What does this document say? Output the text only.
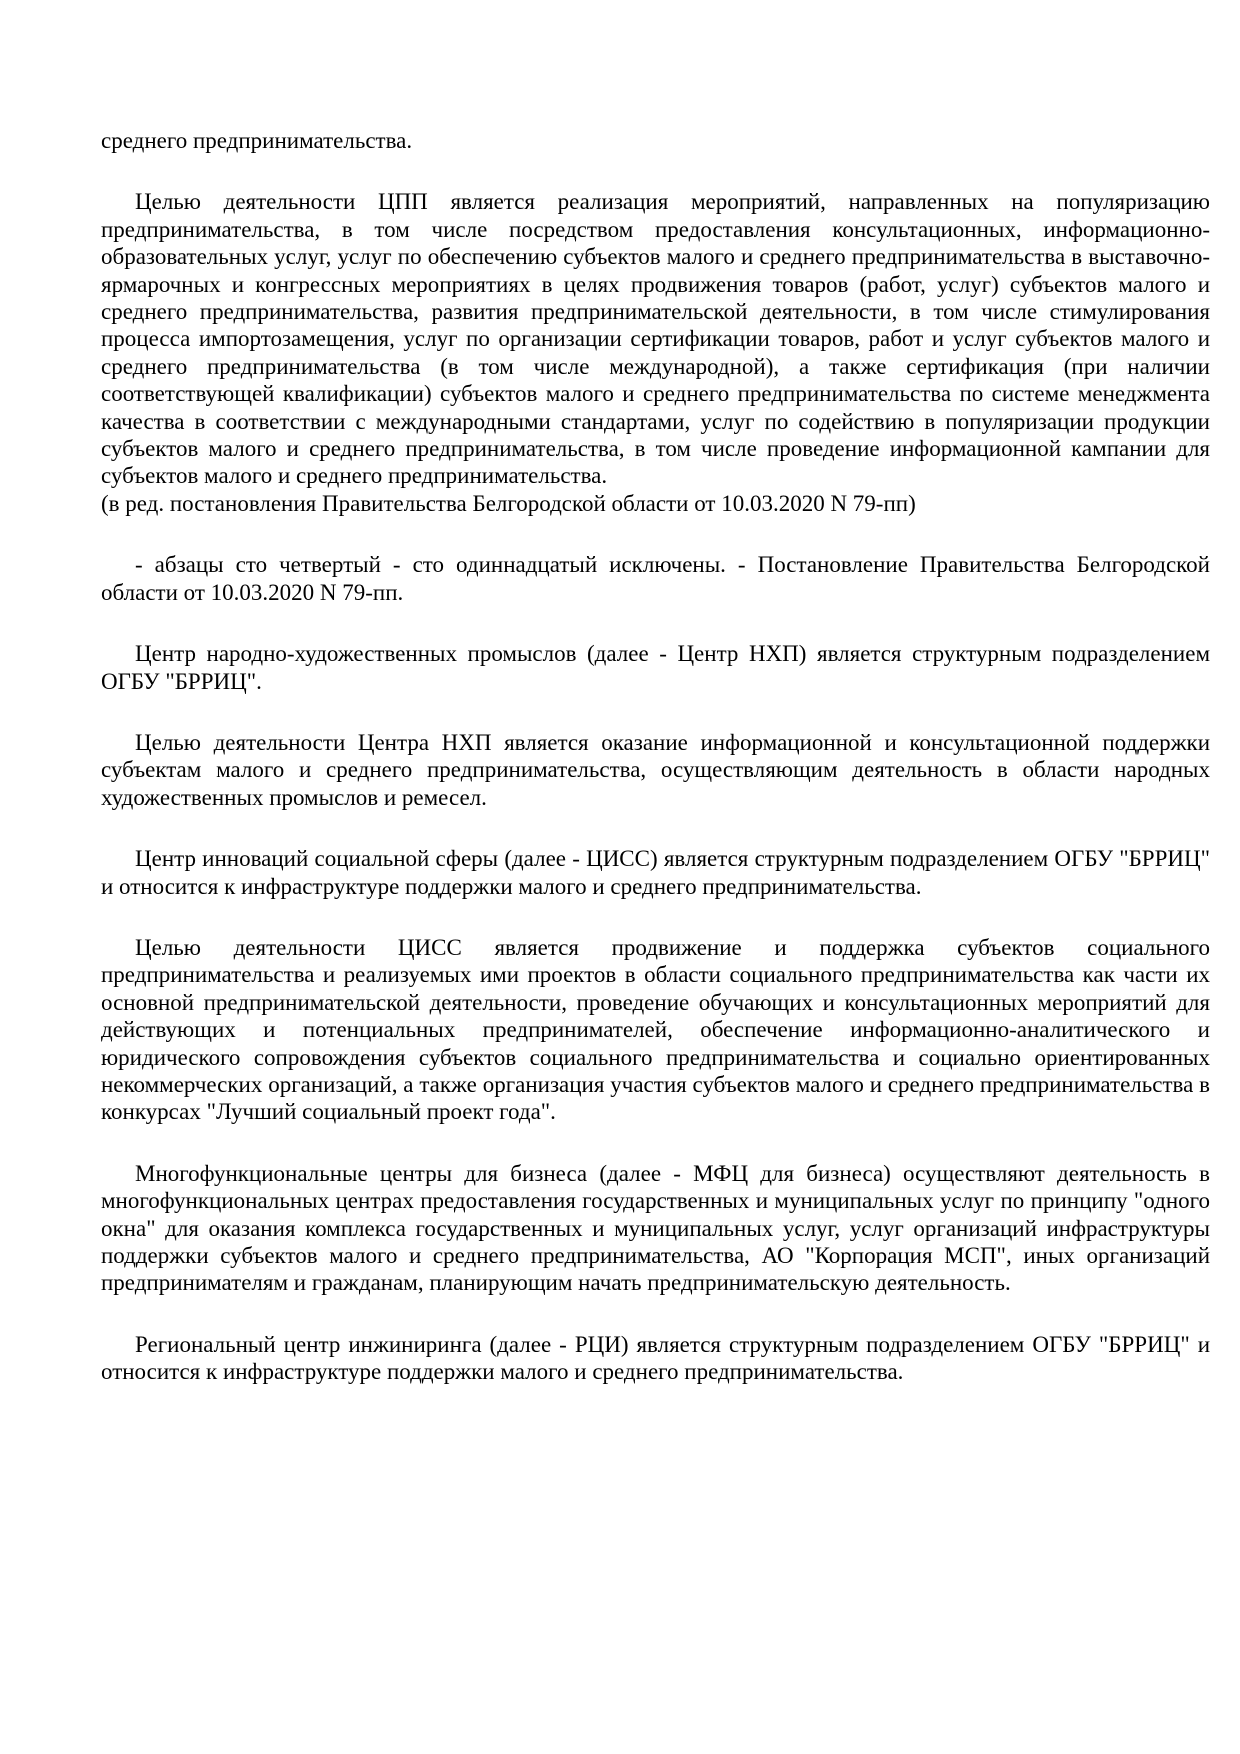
среднего предпринимательства.

Целью деятельности ЦПП является реализация мероприятий, направленных на популяризацию предпринимательства, в том числе посредством предоставления консультационных, информационно-образовательных услуг, услуг по обеспечению субъектов малого и среднего предпринимательства в выставочно-ярмарочных и конгрессных мероприятиях в целях продвижения товаров (работ, услуг) субъектов малого и среднего предпринимательства, развития предпринимательской деятельности, в том числе стимулирования процесса импортозамещения, услуг по организации сертификации товаров, работ и услуг субъектов малого и среднего предпринимательства (в том числе международной), а также сертификация (при наличии соответствующей квалификации) субъектов малого и среднего предпринимательства по системе менеджмента качества в соответствии с международными стандартами, услуг по содействию в популяризации продукции субъектов малого и среднего предпринимательства, в том числе проведение информационной кампании для субъектов малого и среднего предпринимательства.

(в ред. постановления Правительства Белгородской области от 10.03.2020 N 79-пп)

- абзацы сто четвертый - сто одиннадцатый исключены. - Постановление Правительства Белгородской области от 10.03.2020 N 79-пп.

Центр народно-художественных промыслов (далее - Центр НХП) является структурным подразделением ОГБУ "БРРИЦ".

Целью деятельности Центра НХП является оказание информационной и консультационной поддержки субъектам малого и среднего предпринимательства, осуществляющим деятельность в области народных художественных промыслов и ремесел.

Центр инноваций социальной сферы (далее - ЦИСС) является структурным подразделением ОГБУ "БРРИЦ" и относится к инфраструктуре поддержки малого и среднего предпринимательства.

Целью деятельности ЦИСС является продвижение и поддержка субъектов социального предпринимательства и реализуемых ими проектов в области социального предпринимательства как части их основной предпринимательской деятельности, проведение обучающих и консультационных мероприятий для действующих и потенциальных предпринимателей, обеспечение информационно-аналитического и юридического сопровождения субъектов социального предпринимательства и социально ориентированных некоммерческих организаций, а также организация участия субъектов малого и среднего предпринимательства в конкурсах "Лучший социальный проект года".

Многофункциональные центры для бизнеса (далее - МФЦ для бизнеса) осуществляют деятельность в многофункциональных центрах предоставления государственных и муниципальных услуг по принципу "одного окна" для оказания комплекса государственных и муниципальных услуг, услуг организаций инфраструктуры поддержки субъектов малого и среднего предпринимательства, АО "Корпорация МСП", иных организаций предпринимателям и гражданам, планирующим начать предпринимательскую деятельность.

Региональный центр инжиниринга (далее - РЦИ) является структурным подразделением ОГБУ "БРРИЦ" и относится к инфраструктуре поддержки малого и среднего предпринимательства.
